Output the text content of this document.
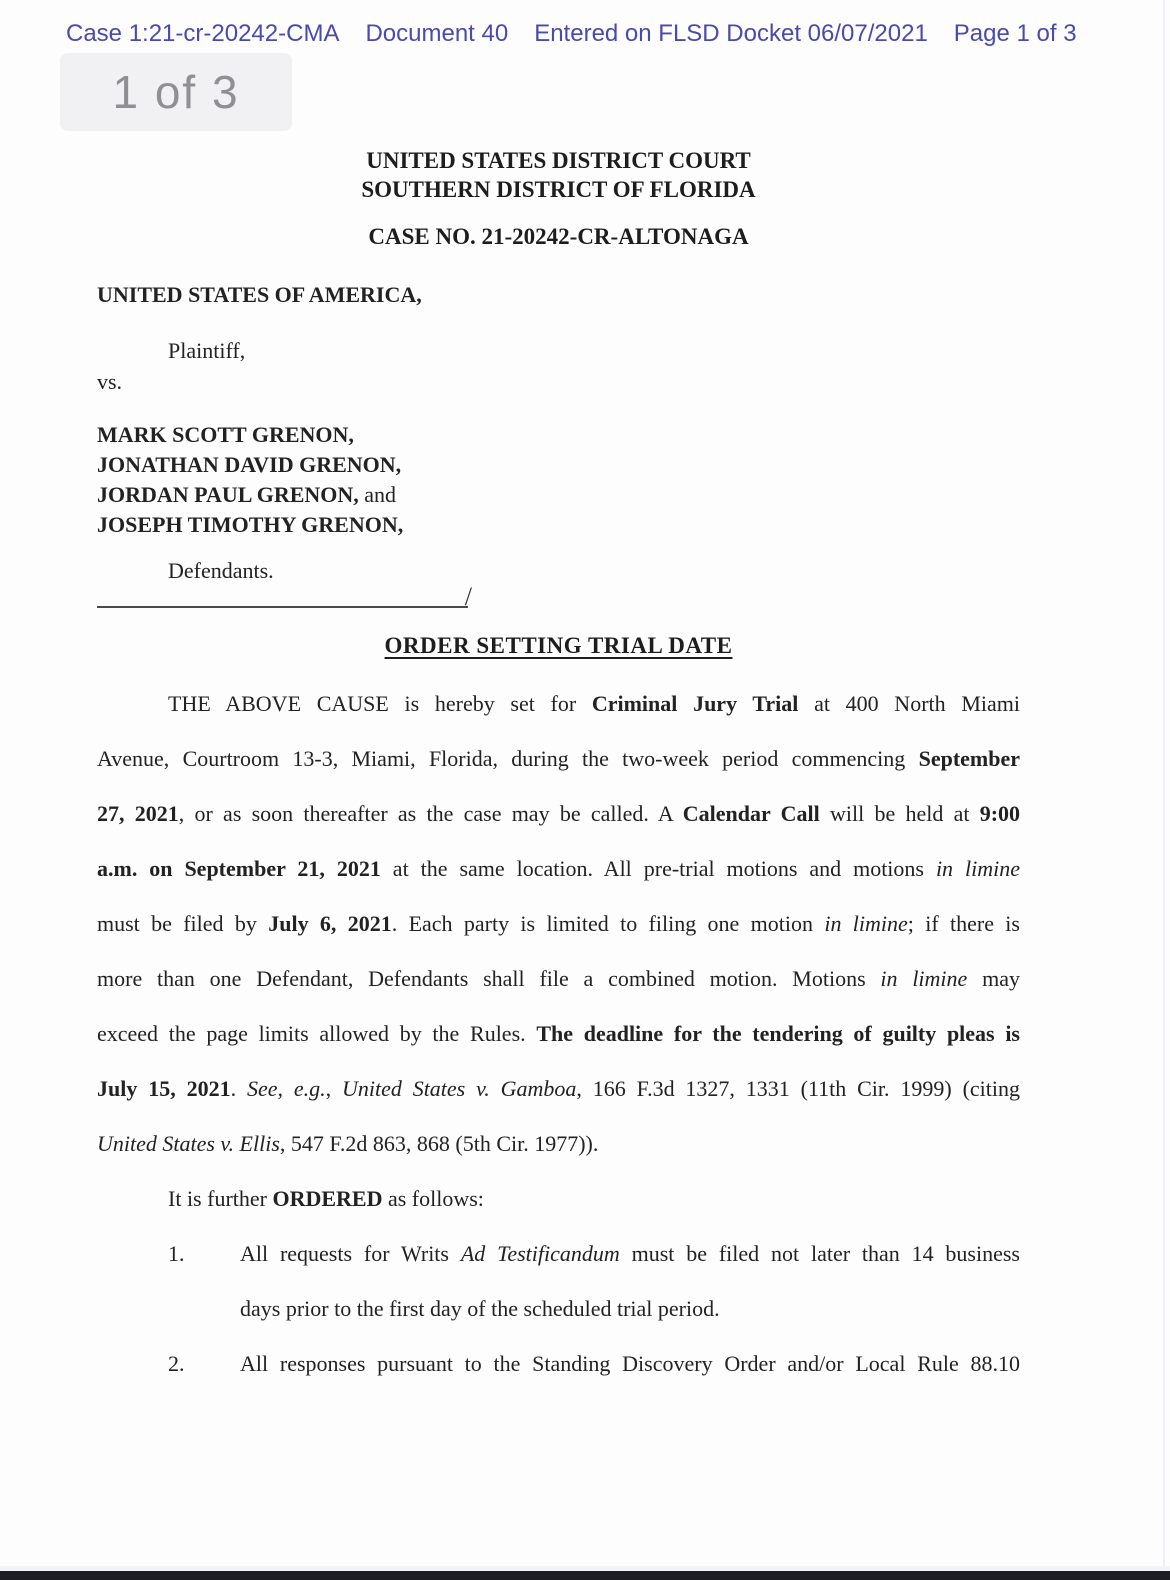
Case 1:21-cr-20242-CMA Document 40 Entered on FLSD Docket 06/07/2021 Page 1 of 3
1 of 3
UNITED STATES DISTRICT COURT
SOUTHERN DISTRICT OF FLORIDA
CASE NO. 21-20242-CR-ALTONAGA
UNITED STATES OF AMERICA,
Plaintiff,
vs.
MARK SCOTT GRENON,
JONATHAN DAVID GRENON,
JORDAN PAUL GRENON, and
JOSEPH TIMOTHY GRENON,
Defendants.
/
ORDER SETTING TRIAL DATE
THE ABOVE CAUSE is hereby set for Criminal Jury Trial at 400 North Miami
Avenue, Courtroom 13-3, Miami, Florida, during the two-week period commencing September
27, 2021, or as soon thereafter as the case may be called. A Calendar Call will be held at 9:00
a.m. on September 21, 2021 at the same location. All pre-trial motions and motions in limine
must be filed by July 6, 2021. Each party is limited to filing one motion in limine; if there is
more than one Defendant, Defendants shall file a combined motion. Motions in limine may
exceed the page limits allowed by the Rules. The deadline for the tendering of guilty pleas is
July 15, 2021. See, e.g., United States v. Gamboa, 166 F.3d 1327, 1331 (11th Cir. 1999) (citing
United States v. Ellis, 547 F.2d 863, 868 (5th Cir. 1977)).
It is further ORDERED as follows:
1.	All requests for Writs Ad Testificandum must be filed not later than 14 business
days prior to the first day of the scheduled trial period.
2.	All responses pursuant to the Standing Discovery Order and/or Local Rule 88.10
